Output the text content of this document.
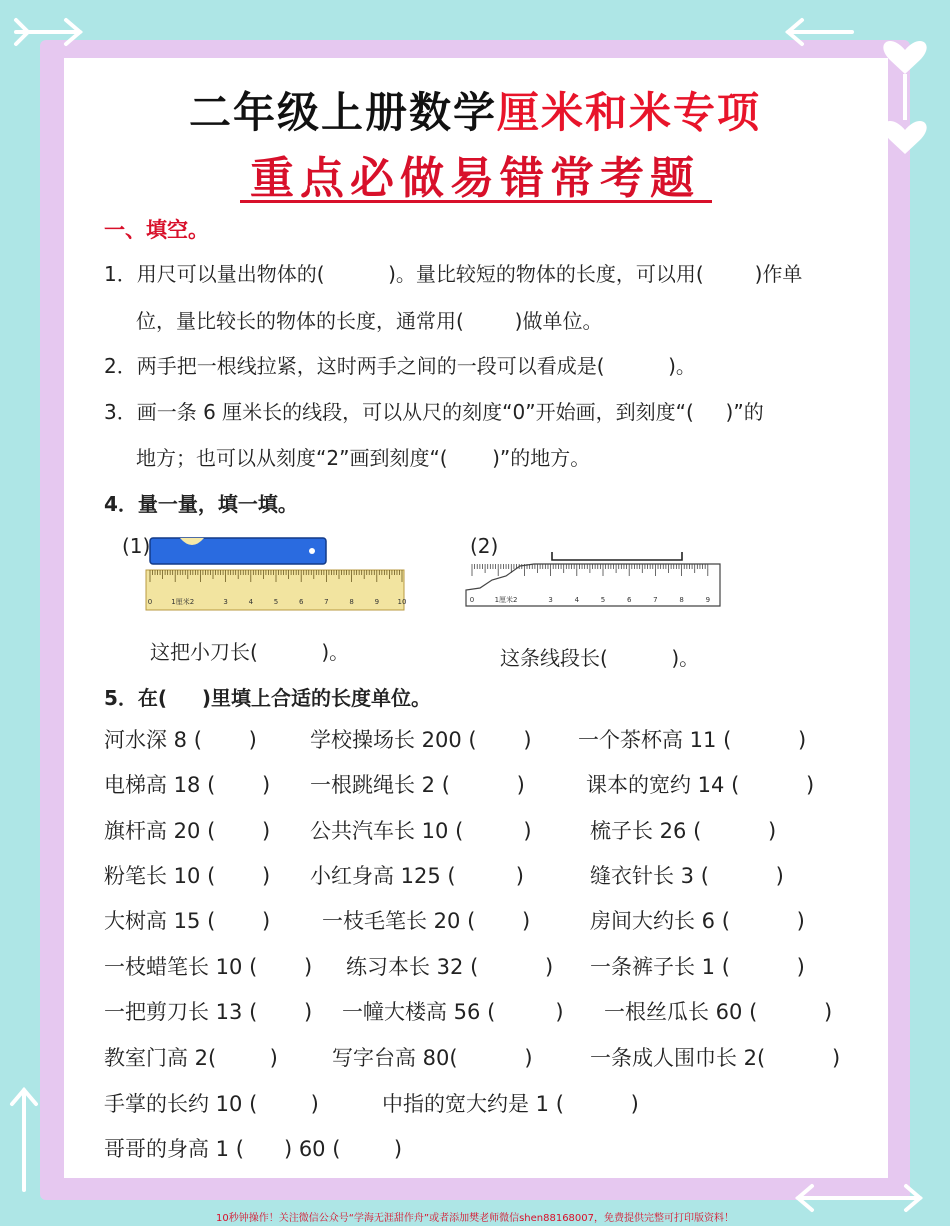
二年级上册数学厘米和米专项
重点必做易错常考题
一、填空。
1．用尺可以量出物体的(          )。量比较短的物体的长度，可以用(        )作单
位，量比较长的物体的长度，通常用(        )做单位。
2．两手把一根线拉紧，这时两手之间的一段可以看成是(          )。
3．画一条 6 厘米长的线段，可以从尺的刻度“0”开始画，到刻度“(     )”的
地方；也可以从刻度“2”画到刻度“(       )”的地方。
4．量一量，填一填。
(1)
0	1厘米2	3	4	5	6	7	8	9	10
(2)
0	1厘米2	3	4	5	6	7	8	9
这把小刀长(          )。	这条线段长(          )。
5．在(     )里填上合适的长度单位。
河水深 8 (       )	学校操场长 200 (       ) 一个茶杯高 11 (          )
电梯高 18 (       ) 一根跳绳长 2 (          )	课本的宽约 14 (          )
旗杆高 20 (       ) 公共汽车长 10 (         )	梳子长 26 (          )
粉笔长 10 (       ) 小红身高 125 (         )	缝衣针长 3 (          )
大树高 15 (       ) 一枝毛笔长 20 (       )	房间大约长 6 (          )
一枝蜡笔长 10 (       ) 练习本长 32 (          ) 一条裤子长 1 (          )
一把剪刀长 13 (       ) 一幢大楼高 56 (         ) 一根丝瓜长 60 (          )
教室门高 2(        )	写字台高 80(          )	一条成人围巾长 2(          )
手掌的长约 10 (        )	中指的宽大约是 1 (          )
哥哥的身高 1 (      ) 60 (        )
10秒钟操作！关注微信公众号“学海无涯甜作舟”或者添加樊老师微信shen88168007，免费提供完整可打印版资料！
